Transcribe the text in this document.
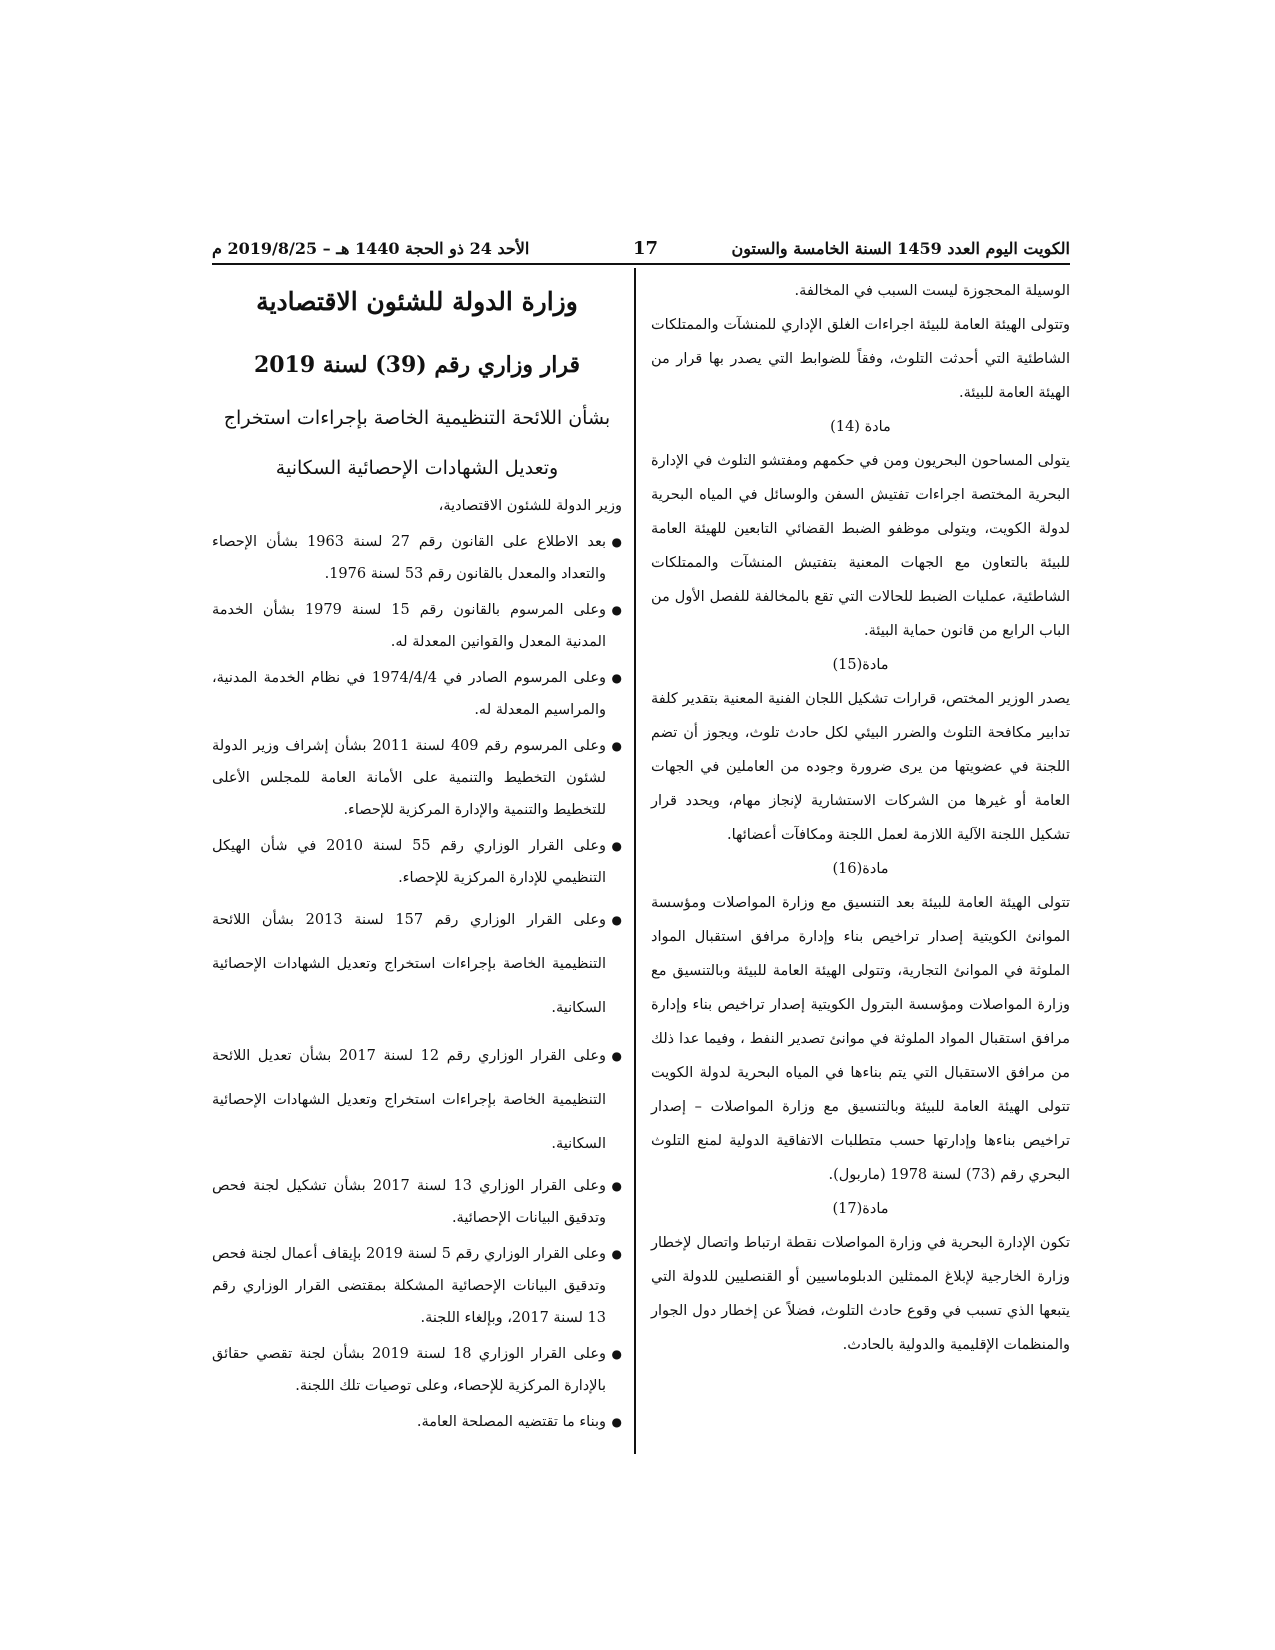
الكويت اليوم العدد 1459 السنة الخامسة والستون
17
الأحد 24 ذو الحجة 1440 هـ – 2019/8/25 م

الوسيلة المحجوزة ليست السبب في المخالفة.

وتتولى الهيئة العامة للبيئة اجراءات الغلق الإداري للمنشآت والممتلكات الشاطئية التي أحدثت التلوث، وفقاً للضوابط التي يصدر بها قرار من الهيئة العامة للبيئة.

مادة (14)

يتولى المساحون البحريون ومن في حكمهم ومفتشو التلوث في الإدارة البحرية المختصة اجراءات تفتيش السفن والوسائل في المياه البحرية لدولة الكويت، ويتولى موظفو الضبط القضائي التابعين للهيئة العامة للبيئة بالتعاون مع الجهات المعنية بتفتيش المنشآت والممتلكات الشاطئية، عمليات الضبط للحالات التي تقع بالمخالفة للفصل الأول من الباب الرابع من قانون حماية البيئة.

مادة(15)

يصدر الوزير المختص، قرارات تشكيل اللجان الفنية المعنية بتقدير كلفة تدابير مكافحة التلوث والضرر البيئي لكل حادث تلوث، ويجوز أن تضم اللجنة في عضويتها من يرى ضرورة وجوده من العاملين في الجهات العامة أو غيرها من الشركات الاستشارية لإنجاز مهام، ويحدد قرار تشكيل اللجنة الآلية اللازمة لعمل اللجنة ومكافآت أعضائها.

مادة(16)

تتولى الهيئة العامة للبيئة بعد التنسيق مع وزارة المواصلات ومؤسسة الموانئ الكويتية إصدار تراخيص بناء وإدارة مرافق استقبال المواد الملوثة في الموانئ التجارية، وتتولى الهيئة العامة للبيئة وبالتنسيق مع وزارة المواصلات ومؤسسة البترول الكويتية إصدار تراخيص بناء وإدارة مرافق استقبال المواد الملوثة في موانئ تصدير النفط ، وفيما عدا ذلك من مرافق الاستقبال التي يتم بناءها في المياه البحرية لدولة الكويت تتولى الهيئة العامة للبيئة وبالتنسيق مع وزارة المواصلات – إصدار تراخيص بناءها وإدارتها حسب متطلبات الاتفاقية الدولية لمنع التلوث البحري رقم (73) لسنة 1978 (ماربول).

مادة(17)

تكون الإدارة البحرية في وزارة المواصلات نقطة ارتباط واتصال لإخطار وزارة الخارجية لإبلاغ الممثلين الدبلوماسيين أو القنصليين للدولة التي يتبعها الذي تسبب في وقوع حادث التلوث، فضلاً عن إخطار دول الجوار والمنظمات الإقليمية والدولية بالحادث.

وزارة الدولة للشئون الاقتصادية
قرار وزاري رقم (39) لسنة 2019
بشأن اللائحة التنظيمية الخاصة بإجراءات استخراج
وتعديل الشهادات الإحصائية السكانية
وزير الدولة للشئون الاقتصادية،
●
بعد الاطلاع على القانون رقم 27 لسنة 1963 بشأن الإحصاء والتعداد والمعدل بالقانون رقم 53 لسنة 1976.
●
وعلى المرسوم بالقانون رقم 15 لسنة 1979 بشأن الخدمة المدنية المعدل والقوانين المعدلة له.
●
وعلى المرسوم الصادر في 1974/4/4 في نظام الخدمة المدنية، والمراسيم المعدلة له.
●
وعلى المرسوم رقم 409 لسنة 2011 بشأن إشراف وزير الدولة لشئون التخطيط والتنمية على الأمانة العامة للمجلس الأعلى للتخطيط والتنمية والإدارة المركزية للإحصاء.
●
وعلى القرار الوزاري رقم 55 لسنة 2010 في شأن الهيكل التنظيمي للإدارة المركزية للإحصاء.
●
وعلى القرار الوزاري رقم 157 لسنة 2013 بشأن اللائحة التنظيمية الخاصة بإجراءات استخراج وتعديل الشهادات الإحصائية السكانية.
●
وعلى القرار الوزاري رقم 12 لسنة 2017 بشأن تعديل اللائحة التنظيمية الخاصة بإجراءات استخراج وتعديل الشهادات الإحصائية السكانية.
●
وعلى القرار الوزاري 13 لسنة 2017 بشأن تشكيل لجنة فحص وتدقيق البيانات الإحصائية.
●
وعلى القرار الوزاري رقم 5 لسنة 2019 بإيقاف أعمال لجنة فحص وتدقيق البيانات الإحصائية المشكلة بمقتضى القرار الوزاري رقم 13 لسنة 2017، وبإلغاء اللجنة.
●
وعلى القرار الوزاري 18 لسنة 2019 بشأن لجنة تقصي حقائق بالإدارة المركزية للإحصاء، وعلى توصيات تلك اللجنة.
●
وبناء ما تقتضيه المصلحة العامة.
